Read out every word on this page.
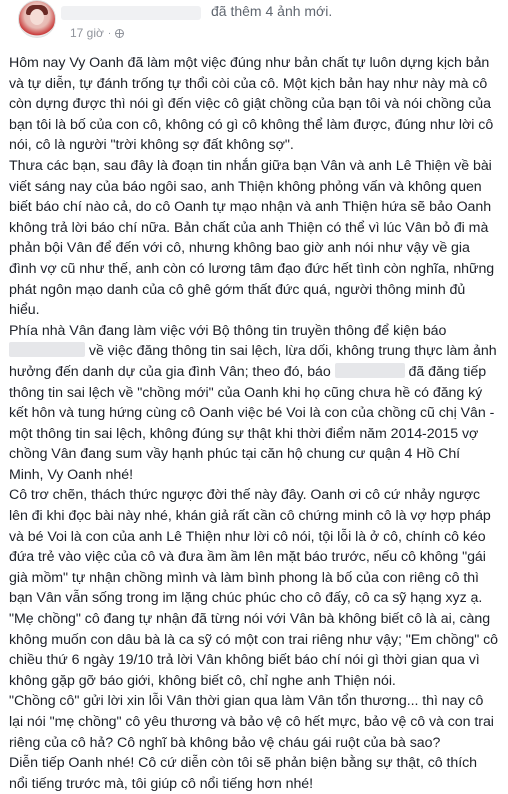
đã thêm 4 ảnh mới.
17 giờ ·

Hôm nay Vy Oanh đã làm một việc đúng như bản chất tự luôn dựng kịch bản và tự diễn, tự đánh trống tự thổi còi của cô. Một kịch bản hay như này mà cô còn dựng được thì nói gì đến việc cô giật chồng của bạn tôi và nói chồng của bạn tôi là bố của con cô, không có gì cô không thể làm được, đúng như lời cô nói, cô là người "trời không sợ đất không sợ".

Thưa các bạn, sau đây là đoạn tin nhắn giữa bạn Vân và anh Lê Thiện về bài viết sáng nay của báo ngôi sao, anh Thiện không phỏng vấn và không quen biết báo chí nào cả, do cô Oanh tự mạo nhận và anh Thiện hứa sẽ bảo Oanh không trả lời báo chí nữa. Bản chất của anh Thiện có thể vì lúc Vân bỏ đi mà phản bội Vân để đến với cô, nhưng không bao giờ anh nói như vậy về gia đình vợ cũ như thế, anh còn có lương tâm đạo đức hết tình còn nghĩa, những phát ngôn mạo danh của cô ghê gớm thất đức quá, người thông minh đủ hiểu.

Phía nhà Vân đang làm việc với Bộ thông tin truyền thông để kiện báo  về việc đăng thông tin sai lệch, lừa dối, không trung thực làm ảnh hưởng đến danh dự của gia đình Vân; theo đó, báo	đã đăng tiếp thông tin sai lệch về "chồng mới" của Oanh khi họ cũng chưa hề có đăng ký kết hôn và tung hứng cùng cô Oanh việc bé Voi là con của chồng cũ chị Vân - một thông tin sai lệch, không đúng sự thật khi thời điểm năm 2014-2015 vợ chồng Vân đang sum vầy hạnh phúc tại căn hộ chung cư quận 4 Hồ Chí Minh, Vy Oanh nhé!

Cô trơ chẽn, thách thức ngược đời thế này đây. Oanh ơi cô cứ nhảy ngược lên đi khi đọc bài này nhé, khán giả rất cần cô chứng minh cô là vợ hợp pháp và bé Voi là con của anh Lê Thiện như lời cô nói, tội lỗi là ở cô, chính cô kéo đứa trẻ vào việc của cô và đưa ầm ầm lên mặt báo trước, nếu cô không "gái già mồm" tự nhận chồng mình và làm bình phong là bố của con riêng cô thì bạn Vân vẫn sống trong im lặng chúc phúc cho cô đấy, cô ca sỹ hạng xyz ạ.

"Mẹ chồng" cô đang tự nhận đã từng nói với Vân bà không biết cô là ai, càng không muốn con dâu bà là ca sỹ có một con trai riêng như vậy; "Em chồng" cô chiều thứ 6 ngày 19/10 trả lời Vân không biết báo chí nói gì thời gian qua vì không gặp gỡ báo giới, không biết cô, chỉ nghe anh Thiện nói.

"Chồng cô" gửi lời xin lỗi Vân thời gian qua làm Vân tổn thương... thì nay cô lại nói "mẹ chồng" cô yêu thương và bảo vệ cô hết mực, bảo vệ cô và con trai riêng của cô hả? Cô nghĩ bà không bảo vệ cháu gái ruột của bà sao?

Diễn tiếp Oanh nhé! Cô cứ diễn còn tôi sẽ phản biện bằng sự thật, cô thích nổi tiếng trước mà, tôi giúp cô nổi tiếng hơn nhé!
